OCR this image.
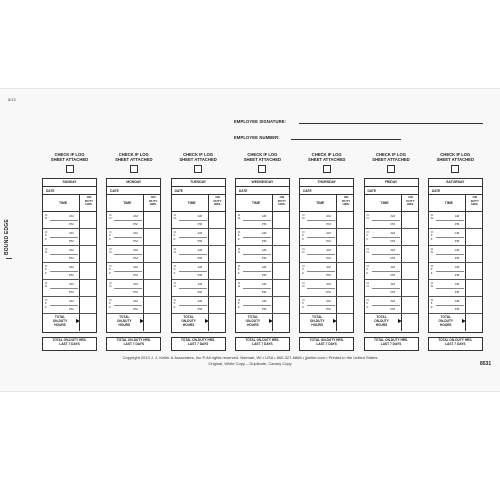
5/13
EMPLOYEE SIGNATURE:
EMPLOYEE NUMBER:
BOUND EDGE
CHECK IF LOG
SHEET ATTACHED
SUNDAY
DATE
TIME
ON
DUTY
HRS.
O
N
AM
PM
O
F
F
AM
PM
O
N
AM
PM
O
F
F
AM
PM
O
N
AM
PM
O
F
F
AM
PM
TOTAL
ON-DUTY
HOURS
TOTAL ON-DUTY HRS.
LAST 7 DAYS
CHECK IF LOG
SHEET ATTACHED
MONDAY
DATE
TIME
ON
DUTY
HRS.
O
N
AM
PM
O
F
F
AM
PM
O
N
AM
PM
O
F
F
AM
PM
O
N
AM
PM
O
F
F
AM
PM
TOTAL
ON-DUTY
HOURS
TOTAL ON-DUTY HRS.
LAST 7 DAYS
CHECK IF LOG
SHEET ATTACHED
TUESDAY
DATE
TIME
ON
DUTY
HRS.
O
N
AM
PM
O
F
F
AM
PM
O
N
AM
PM
O
F
F
AM
PM
O
N
AM
PM
O
F
F
AM
PM
TOTAL
ON-DUTY
HOURS
TOTAL ON-DUTY HRS.
LAST 7 DAYS
CHECK IF LOG
SHEET ATTACHED
WEDNESDAY
DATE
TIME
ON
DUTY
HRS.
O
N
AM
PM
O
F
F
AM
PM
O
N
AM
PM
O
F
F
AM
PM
O
N
AM
PM
O
F
F
AM
PM
TOTAL
ON-DUTY
HOURS
TOTAL ON-DUTY HRS.
LAST 7 DAYS
CHECK IF LOG
SHEET ATTACHED
THURSDAY
DATE
TIME
ON
DUTY
HRS.
O
N
AM
PM
O
F
F
AM
PM
O
N
AM
PM
O
F
F
AM
PM
O
N
AM
PM
O
F
F
AM
PM
TOTAL
ON-DUTY
HOURS
TOTAL ON-DUTY HRS.
LAST 7 DAYS
CHECK IF LOG
SHEET ATTACHED
FRIDAY
DATE
TIME
ON
DUTY
HRS.
O
N
AM
PM
O
F
F
AM
PM
O
N
AM
PM
O
F
F
AM
PM
O
N
AM
PM
O
F
F
AM
PM
TOTAL
ON-DUTY
HOURS
TOTAL ON-DUTY HRS.
LAST 7 DAYS
CHECK IF LOG
SHEET ATTACHED
SATURDAY
DATE
TIME
ON
DUTY
HRS.
O
N
AM
PM
O
F
F
AM
PM
O
N
AM
PM
O
F
F
AM
PM
O
N
AM
PM
O
F
F
AM
PM
TOTAL
ON-DUTY
HOURS
TOTAL ON-DUTY HRS.
LAST 7 DAYS
Copyright 2013 J. J. Keller & Associates, Inc.® All rights reserved. Neenah, WI • USA • 800-327-6868 • jjkeller.com • Printed in the United States
Original, White Copy – Duplicate, Canary Copy	8531
